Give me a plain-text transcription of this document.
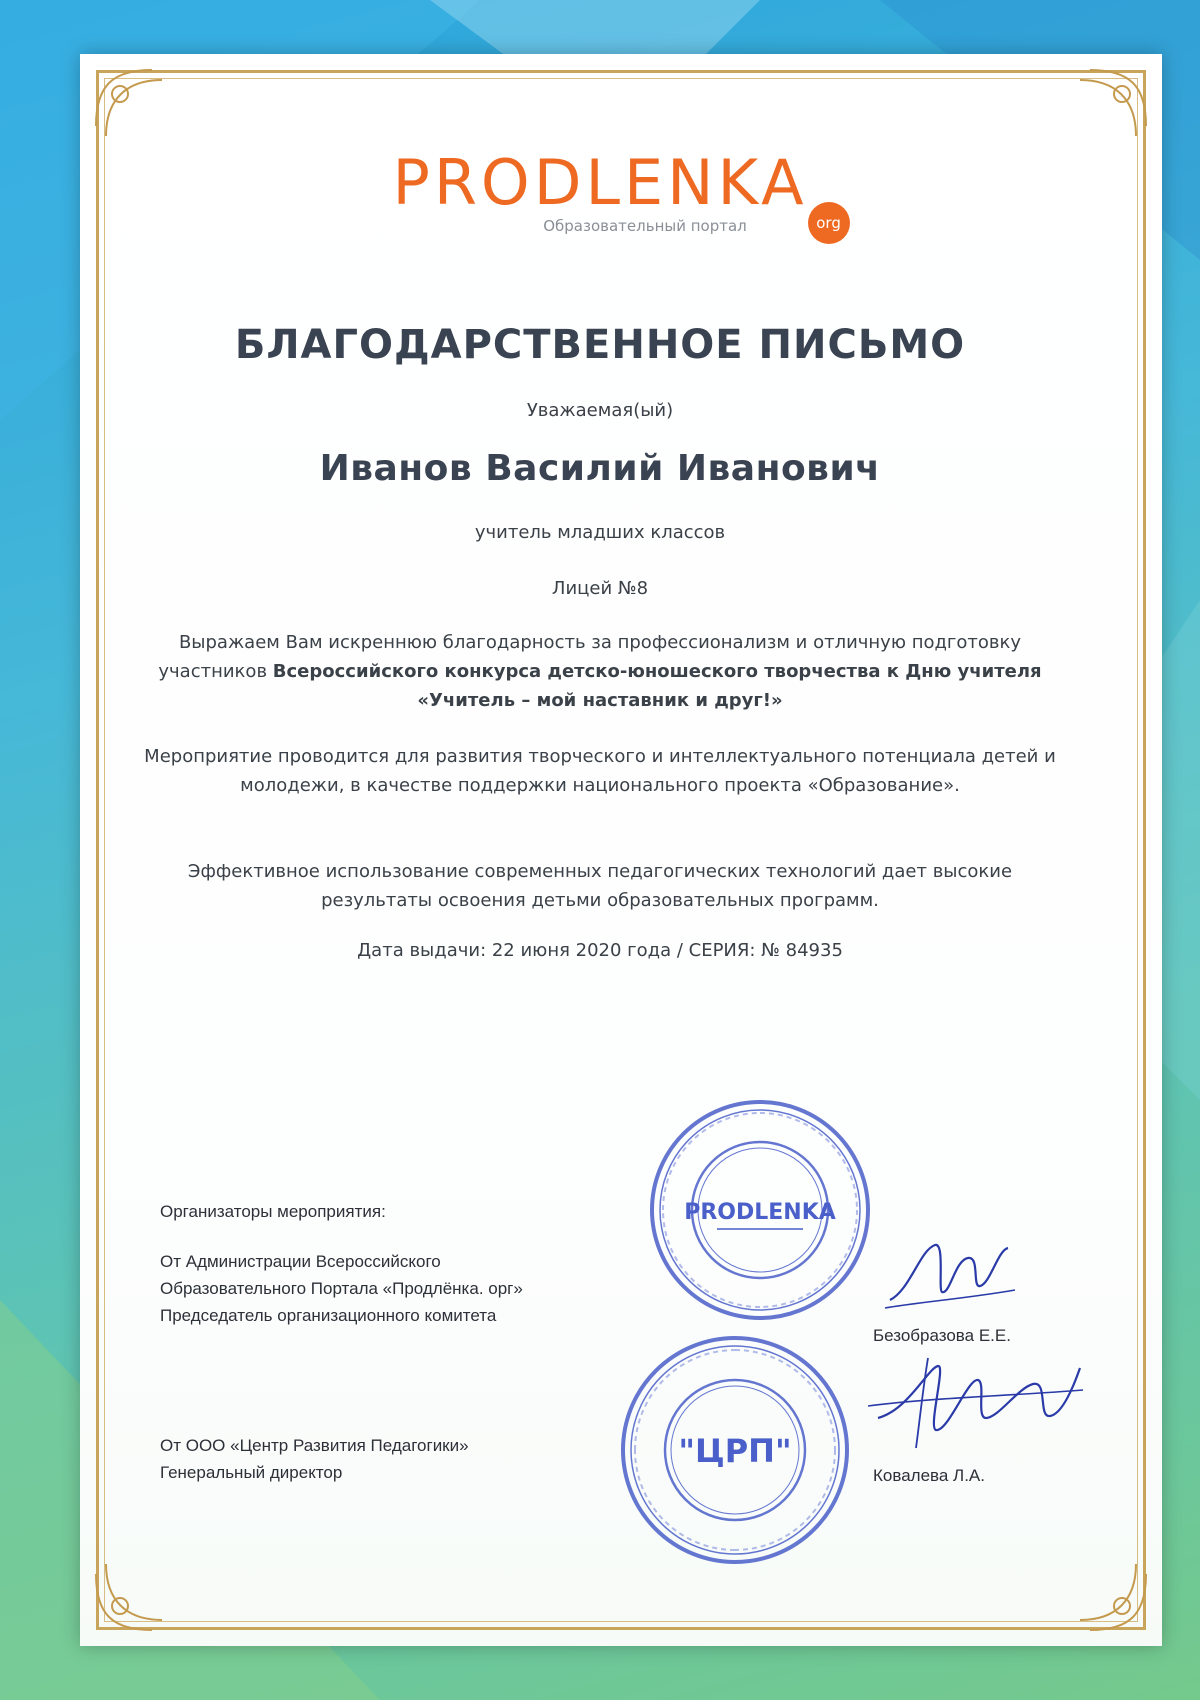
PRODLENKA
org
Образовательный портал
БЛАГОДАРСТВЕННОЕ ПИСЬМО
Уважаемая(ый)
Иванов Василий Иванович
учитель младших классов
Лицей №8
Выражаем Вам искреннюю благодарность за профессионализм и отличную подготовку участников Всероссийского конкурса детско-юношеского творчества к Дню учителя «Учитель – мой наставник и друг!»
Мероприятие проводится для развития творческого и интеллектуального потенциала детей и молодежи, в качестве поддержки национального проекта «Образование».
Эффективное использование современных педагогических технологий дает высокие результаты освоения детьми образовательных программ.
Дата выдачи: 22 июня 2020 года / СЕРИЯ: № 84935
Организаторы мероприятия:
От Администрации Всероссийского
Образовательного Портала «Продлёнка. орг»
Председатель организационного комитета
От ООО «Центр Развития Педагогики»
Генеральный директор
PRODLENKA
"ЦРП"
Безобразова Е.Е.
Ковалева Л.А.
